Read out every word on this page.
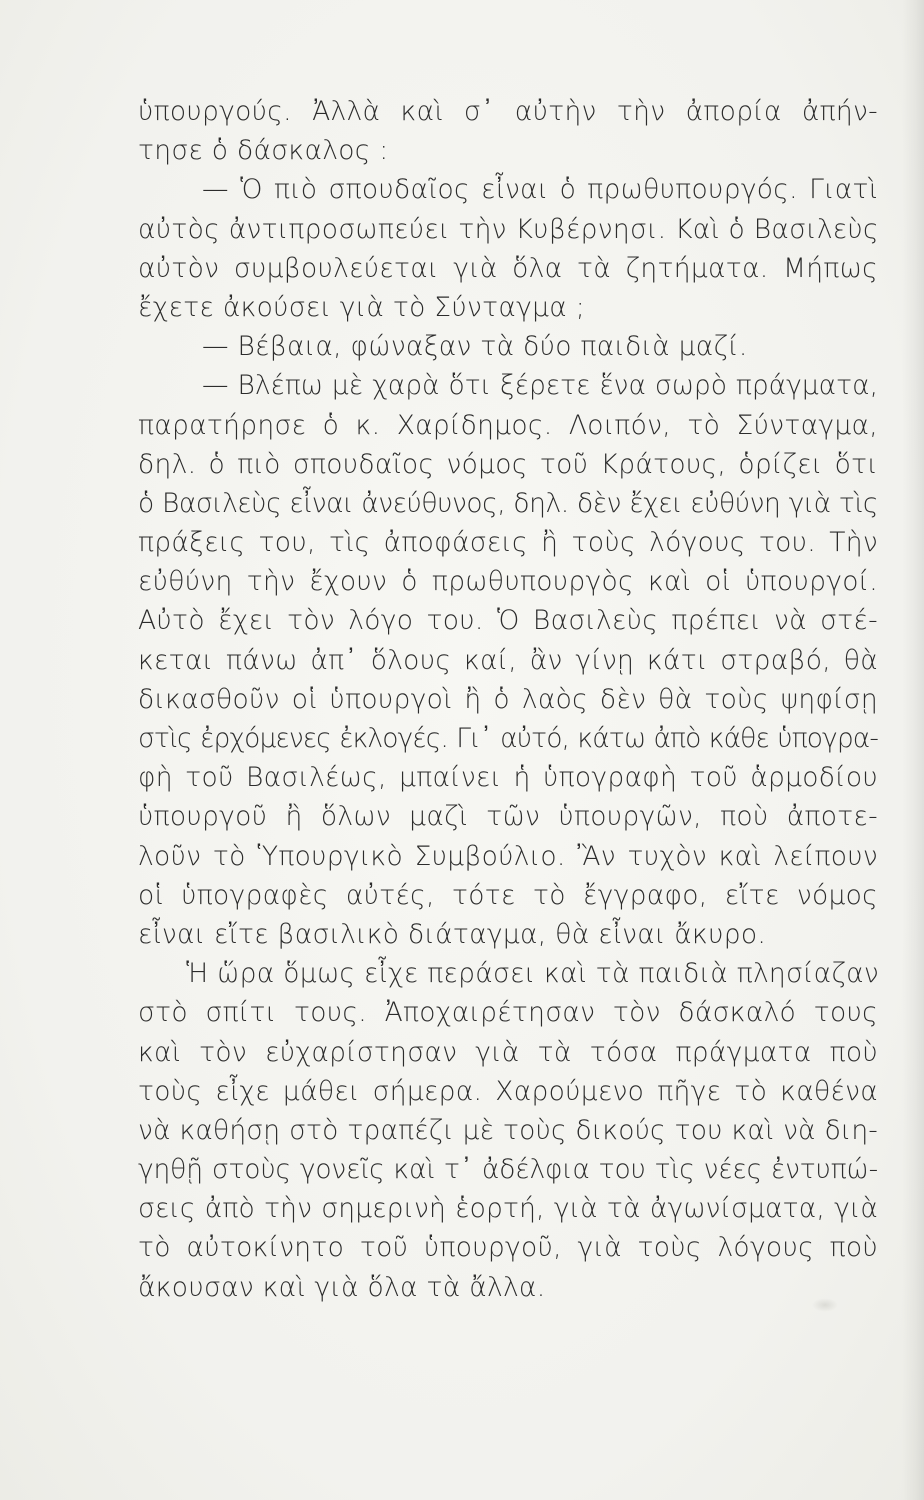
ὑπουργούς. Ἀλλὰ καὶ σ᾽ αὐτὴν τὴν ἀπορία ἀπήν-
τησε ὁ δάσκαλος :
— Ὁ πιὸ σπουδαῖος εἶναι ὁ πρωθυπουργός. Γιατὶ
αὐτὸς ἀντιπροσωπεύει τὴν Κυβέρνησι. Καὶ ὁ Βασιλεὺς
αὐτὸν συμβουλεύεται γιὰ ὅλα τὰ ζητήματα. Μήπως
ἔχετε ἀκούσει γιὰ τὸ Σύνταγμα ;
— Βέβαια, φώναξαν τὰ δύο παιδιὰ μαζί.
— Βλέπω μὲ χαρὰ ὅτι ξέρετε ἕνα σωρὸ πράγματα,
παρατήρησε ὁ κ. Χαρίδημος. Λοιπόν, τὸ Σύνταγμα,
δηλ. ὁ πιὸ σπουδαῖος νόμος τοῦ Κράτους, ὁρίζει ὅτι
ὁ Βασιλεὺς εἶναι ἀνεύθυνος, δηλ. δὲν ἔχει εὐθύνη γιὰ τὶς
πράξεις του, τὶς ἀποφάσεις ἢ τοὺς λόγους του. Τὴν
εὐθύνη τὴν ἔχουν ὁ πρωθυπουργὸς καὶ οἱ ὑπουργοί.
Αὐτὸ ἔχει τὸν λόγο του. Ὁ Βασιλεὺς πρέπει νὰ στέ-
κεται πάνω ἀπ᾽ ὅλους καί, ἂν γίνῃ κάτι στραβό, θὰ
δικασθοῦν οἱ ὑπουργοὶ ἢ ὁ λαὸς δὲν θὰ τοὺς ψηφίσῃ
στὶς ἐρχόμενες ἐκλογές. Γι᾽ αὐτό, κάτω ἀπὸ κάθε ὑπογρα-
φὴ τοῦ Βασιλέως, μπαίνει ἡ ὑπογραφὴ τοῦ ἁρμοδίου
ὑπουργοῦ ἢ ὅλων μαζὶ τῶν ὑπουργῶν, ποὺ ἀποτε-
λοῦν τὸ Ὑπουργικὸ Συμβούλιο. Ἂν τυχὸν καὶ λείπουν
οἱ ὑπογραφὲς αὐτές, τότε τὸ ἔγγραφο, εἴτε νόμος
εἶναι εἴτε βασιλικὸ διάταγμα, θὰ εἶναι ἄκυρο.
Ἡ ὥρα ὅμως εἶχε περάσει καὶ τὰ παιδιὰ πλησίαζαν
στὸ σπίτι τους. Ἀποχαιρέτησαν τὸν δάσκαλό τους
καὶ τὸν εὐχαρίστησαν γιὰ τὰ τόσα πράγματα ποὺ
τοὺς εἶχε μάθει σήμερα. Χαρούμενο πῆγε τὸ καθένα
νὰ καθήσῃ στὸ τραπέζι μὲ τοὺς δικούς του καὶ νὰ διη-
γηθῇ στοὺς γονεῖς καὶ τ᾽ ἀδέλφια του τὶς νέες ἐντυπώ-
σεις ἀπὸ τὴν σημερινὴ ἑορτή, γιὰ τὰ ἀγωνίσματα, γιὰ
τὸ αὐτοκίνητο τοῦ ὑπουργοῦ, γιὰ τοὺς λόγους ποὺ
ἄκουσαν καὶ γιὰ ὅλα τὰ ἄλλα.
